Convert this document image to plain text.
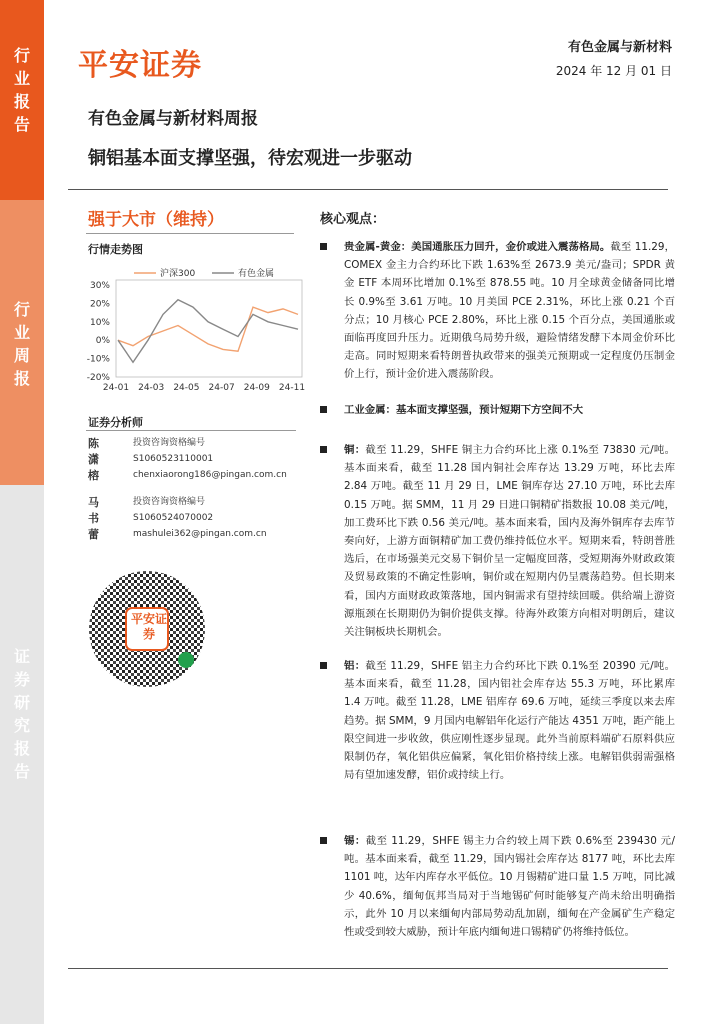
行
业
报
告
行
业
周
报
证
券
研
究
报
告
平安证券
有色金属与新材料
2024 年 12 月 01 日
有色金属与新材料周报
铜铝基本面支撑坚强，待宏观进一步驱动
强于大市（维持）
行情走势图
30%
20%
10%
0%
-10%
-20%
24-01 24-03 24-05 24-07 24-09 24-11
沪深300	有色金属
证券分析师
陈潇榕
投资咨询资格编号
S1060523110001
chenxiaorong186@pingan.com.cn
马书蕾
投资咨询资格编号
S1060524070002
mashulei362@pingan.com.cn
平安证券
核心观点：
贵金属-黄金：美国通胀压力回升，金价或进入震荡格局。截至 11.29，COMEX 金主力合约环比下跌 1.63%至 2673.9 美元/盎司；SPDR 黄金 ETF 本周环比增加 0.1%至 878.55 吨。10 月全球黄金储备同比增长 0.9%至 3.61 万吨。10 月美国 PCE 2.31%，环比上涨 0.21 个百分点；10 月核心 PCE 2.80%，环比上涨 0.15 个百分点，美国通胀或面临再度回升压力。近期俄乌局势升级，避险情绪发酵下本周金价环比走高。同时短期来看特朗普执政带来的强美元预期或一定程度仍压制金价上行，预计金价进入震荡阶段。
工业金属：基本面支撑坚强，预计短期下方空间不大
铜：截至 11.29，SHFE 铜主力合约环比上涨 0.1%至 73830 元/吨。基本面来看，截至 11.28 国内铜社会库存达 13.29 万吨，环比去库 2.84 万吨。截至 11 月 29 日，LME 铜库存达 27.10 万吨，环比去库 0.15 万吨。据 SMM，11 月 29 日进口铜精矿指数报 10.08 美元/吨，加工费环比下跌 0.56 美元/吨。基本面来看，国内及海外铜库存去库节奏向好，上游方面铜精矿加工费仍维持低位水平。短期来看，特朗普胜选后，在市场强美元交易下铜价呈一定幅度回落，受短期海外财政政策及贸易政策的不确定性影响，铜价或在短期内仍呈震荡趋势。但长期来看，国内方面财政政策落地，国内铜需求有望持续回暖。供给端上游资源瓶颈在长期期仍为铜价提供支撑。待海外政策方向相对明朗后，建议关注铜板块长期机会。
铝：截至 11.29，SHFE 铝主力合约环比下跌 0.1%至 20390 元/吨。基本面来看，截至 11.28，国内铝社会库存达 55.3 万吨，环比累库 1.4 万吨。截至 11.28，LME 铝库存 69.6 万吨，延续三季度以来去库趋势。据 SMM，9 月国内电解铝年化运行产能达 4351 万吨，距产能上限空间进一步收敛，供应刚性逐步显现。此外当前原料端矿石原料供应限制仍存，氧化铝供应偏紧，氧化铝价格持续上涨。电解铝供弱需强格局有望加速发酵，铝价或持续上行。
锡：截至 11.29，SHFE 锡主力合约较上周下跌 0.6%至 239430 元/吨。基本面来看，截至 11.29，国内锡社会库存达 8177 吨，环比去库 1101 吨，达年内库存水平低位。10 月锡精矿进口量 1.5 万吨，同比减少 40.6%，缅甸佤邦当局对于当地锡矿何时能够复产尚未给出明确指示，此外 10 月以来缅甸内部局势动乱加剧，缅甸在产金属矿生产稳定性或受到较大威胁，预计年底内缅甸进口锡精矿仍将维持低位。
